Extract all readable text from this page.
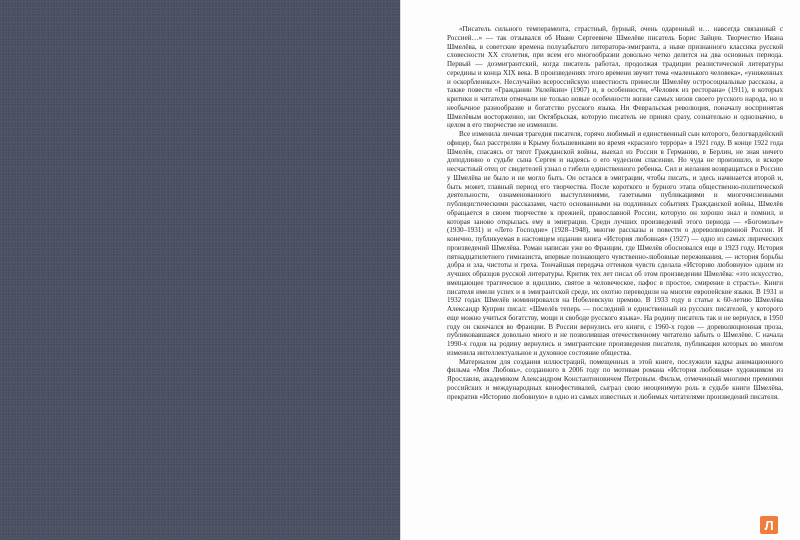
«Писатель сильного темперамента, страстный, бурный, очень одаренный и… навсегда связанный с Россией…» — так отзывался об Иване Сергеевиче Шмелёве писатель Борис Зайцев. Творчество Ивана Шмелёва, в советские времена полузабытого литератора-эмигранта, а ныне признанного классика русской словесности XX столетия, при всем его многообразии довольно четко делится на два основных периода. Первый — доэмигрантский, когда писатель работал, продолжая традиции реалистической литературы середины и конца XIX века. В произведениях этого времени звучит тема «маленького человека», «униженных и оскорбленных». Неслучайно всероссийскую известность принесли Шмелёву остросоциальные рассказы, а также повести «Гражданин Уклейкин» (1907) и, в особенности, «Человек из ресторана» (1911), в которых критики и читатели отмечали не только новые особенности жизни самых низов своего русского народа, но и необычное разнообразие и богатство русского языка. Ни Февральская революция, поначалу воспринятая Шмелёвым восторженно, ни Октябрьская, которую писатель не принял сразу, сознательно и однозначно, в целом в его творчестве не изменили.

Все изменила личная трагедия писателя, горячо любимый и единственный сын которого, белогвардейский офицер, был расстрелян в Крыму большевиками во время «красного террора» в 1921 году. В конце 1922 года Шмелёв, спасаясь от тягот Гражданской войны, выехал из России в Германию, в Берлин, не зная ничего доподлинно о судьбе сына Сергея и надеясь о его чудесном спасении. Но чуда не произошло, и вскоре несчастный отец от свидетелей узнал о гибели единственного ребенка. Сил и желания возвращаться в Россию у Шмелёва не было и не могло быть. Он остался в эмиграции, чтобы писать, и здесь начинается второй и, быть может, главный период его творчества. После короткого и бурного этапа общественно-политической деятельности, ознаменованного выступлениями, газетными публикациями и многочисленными публицистическими рассказами, часто основанными на подлинных событиях Гражданской войны, Шмелёв обращается в своем творчестве к прежней, православной России, которую он хорошо знал и помнил, и которая заново открылась ему в эмиграции. Среди лучших произведений этого периода — «Богомолье» (1930–1931) и «Лето Господне» (1928–1948), многие рассказы и повести о дореволюционной России. И конечно, публикуемая в настоящем издании книга «История любовная» (1927) — одно из самых лирических произведений Шмелёва. Роман написан уже во Франции, где Шмелёв обосновался еще в 1923 году. История пятнадцатилетнего гимназиста, впервые познающего чувственно-любовные переживания, — история борьбы добра и зла, чистоты и греха. Тончайшая передача оттенков чувств сделала «Историю любовную» одним из лучших образцов русской литературы. Критик тех лет писал об этом произведении Шмелёва: «это искусство, вмещающее трагическое в идиллию, святое в человеческое, пафос в простое, смирение в страсть». Книги писателя имели успех и в эмигрантской среде, их охотно переводили на многие европейские языки. В 1931 и 1932 годах Шмелёв номинировался на Нобелевскую премию. В 1933 году в статье к 60-летию Шмелёва Александр Куприн писал: «Шмелёв теперь — последний и единственный из русских писателей, у которого еще можно учиться богатству, мощи и свободе русского языка». На родину писатель так и не вернулся, в 1950 году он скончался во Франции. В России вернулись его книги, с 1960-х годов — дореволюционная проза, публиковавшаяся довольно много и не позволившая отечественному читателю забыть о Шмелёве. С начала 1990-х годов на родину вернулись и эмигрантские произведения писателя, публикация которых во многом изменила интеллектуальное и духовное состояние общества.

Материалом для создания иллюстраций, помещенных в этой книге, послужили кадры анимационного фильма «Моя Любовь», созданного в 2006 году по мотивам романа «История любовная» художником из Ярославля, академиком Александром Константиновичем Петровым. Фильм, отмеченный многими премиями российских и международных кинофестивалей, сыграл свою неоценимую роль в судьбе книги Шмелёва, прекратив «Историю любовную» в одно из самых известных и любимых читателями произведений писателя.

Л
